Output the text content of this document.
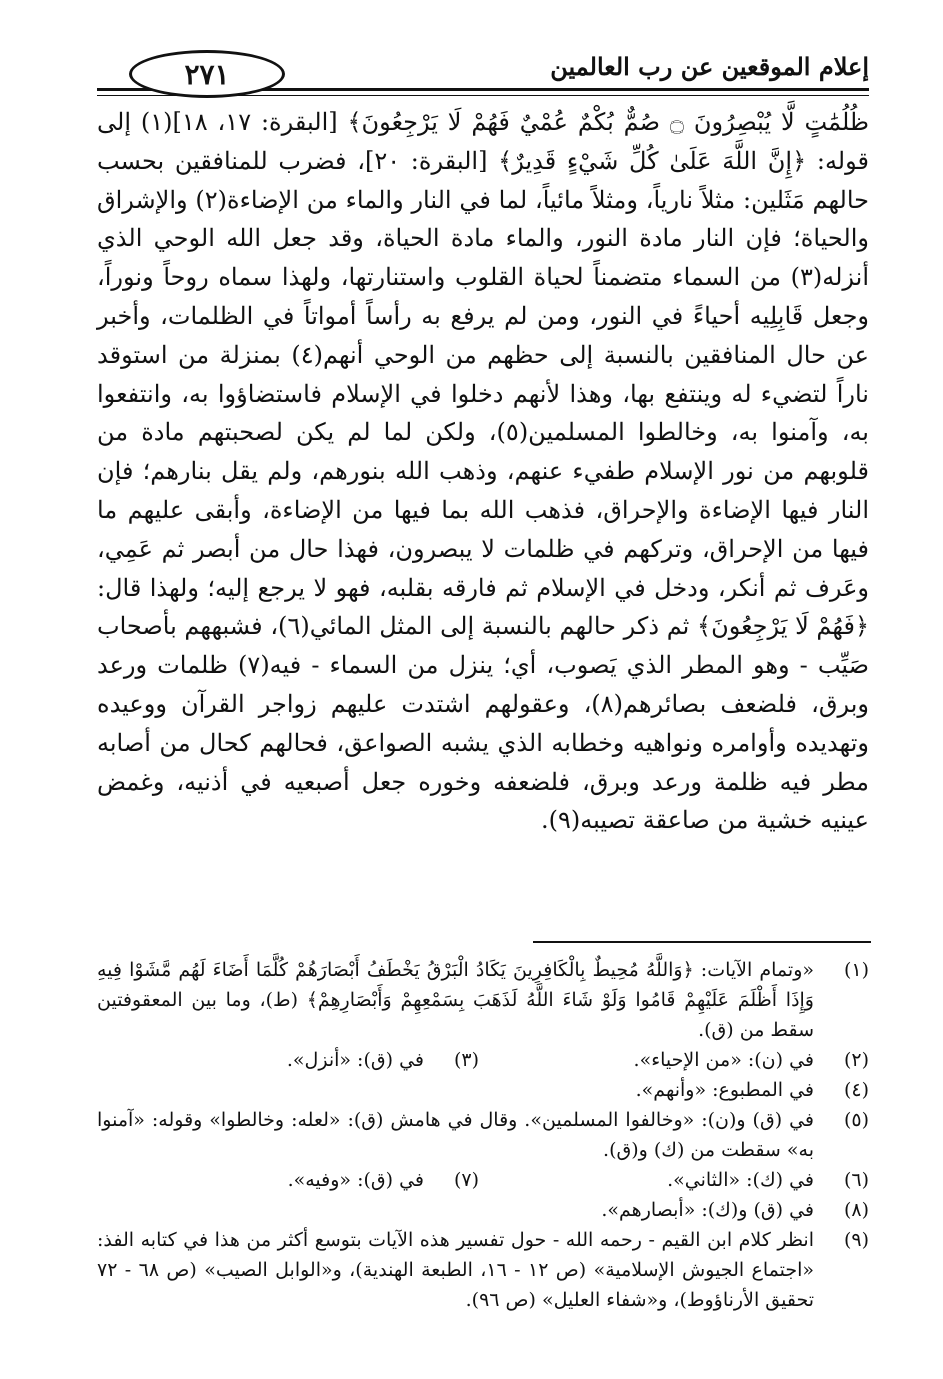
إعلام الموقعين عن رب العالمين
٢٧١

ظُلُمَٰتٍ لَّا يُبْصِرُونَ ۝ صُمٌّ بُكْمٌ عُمْيٌ فَهُمْ لَا يَرْجِعُونَ﴾ [البقرة: ١٧، ١٨](١) إلى قوله: ﴿إِنَّ اللَّهَ عَلَىٰ كُلِّ شَيْءٍ قَدِيرٌ﴾ [البقرة: ٢٠]، فضرب للمنافقين بحسب حالهم مَثَلين: مثلاً نارياً، ومثلاً مائياً، لما في النار والماء من الإضاءة(٢) والإشراق والحياة؛ فإن النار مادة النور، والماء مادة الحياة، وقد جعل الله الوحي الذي أنزله(٣) من السماء متضمناً لحياة القلوب واستنارتها، ولهذا سماه روحاً ونوراً، وجعل قَابِلِيه أحياءً في النور، ومن لم يرفع به رأساً أمواتاً في الظلمات، وأخبر عن حال المنافقين بالنسبة إلى حظهم من الوحي أنهم(٤) بمنزلة من استوقد ناراً لتضيء له وينتفع بها، وهذا لأنهم دخلوا في الإسلام فاستضاؤوا به، وانتفعوا به، وآمنوا به، وخالطوا المسلمين(٥)، ولكن لما لم يكن لصحبتهم مادة من قلوبهم من نور الإسلام طفيء عنهم، وذهب الله بنورهم، ولم يقل بنارهم؛ فإن النار فيها الإضاءة والإحراق، فذهب الله بما فيها من الإضاءة، وأبقى عليهم ما فيها من الإحراق، وتركهم في ظلمات لا يبصرون، فهذا حال من أبصر ثم عَمِي، وعَرف ثم أنكر، ودخل في الإسلام ثم فارقه بقلبه، فهو لا يرجع إليه؛ ولهذا قال: ﴿فَهُمْ لَا يَرْجِعُونَ﴾ ثم ذكر حالهم بالنسبة إلى المثل المائي(٦)، فشبههم بأصحاب صَيِّب - وهو المطر الذي يَصوب، أي؛ ينزل من السماء - فيه(٧) ظلمات ورعد وبرق، فلضعف بصائرهم(٨)، وعقولهم اشتدت عليهم زواجر القرآن ووعيده وتهديده وأوامره ونواهيه وخطابه الذي يشبه الصواعق، فحالهم كحال من أصابه مطر فيه ظلمة ورعد وبرق، فلضعفه وخوره جعل أصبعيه في أذنيه، وغمض عينيه خشية من صاعقة تصيبه(٩).

(١)
«وتمام الآيات: ﴿وَاللَّهُ مُحِيطٌ بِالْكَافِرِينَ يَكَادُ الْبَرْقُ يَخْطَفُ أَبْصَارَهُمْ كُلَّمَا أَضَاءَ لَهُم مَّشَوْا فِيهِ وَإِذَا أَظْلَمَ عَلَيْهِمْ قَامُوا وَلَوْ شَاءَ اللَّهُ لَذَهَبَ بِسَمْعِهِمْ وَأَبْصَارِهِمْ﴾ (ط)، وما بين المعقوفتين سقط من (ق).
(٢)في (ن): «من الإحياء».
(٣)في (ق): «أنزل».
(٤)
في المطبوع: «وأنهم».
(٥)
في (ق) و(ن): «وخالفوا المسلمين». وقال في هامش (ق): «لعله: وخالطوا» وقوله: «آمنوا به» سقطت من (ك) و(ق).
(٦)في (ك): «الثاني».
(٧)في (ق): «وفيه».
(٨)
في (ق) و(ك): «أبصارهم».
(٩)
انظر كلام ابن القيم - رحمه الله - حول تفسير هذه الآيات بتوسع أكثر من هذا في كتابه الفذ: «اجتماع الجيوش الإسلامية» (ص ١٢ - ١٦، الطبعة الهندية)، و«الوابل الصيب» (ص ٦٨ - ٧٢ تحقيق الأرناؤوط)، و«شفاء العليل» (ص ٩٦).
